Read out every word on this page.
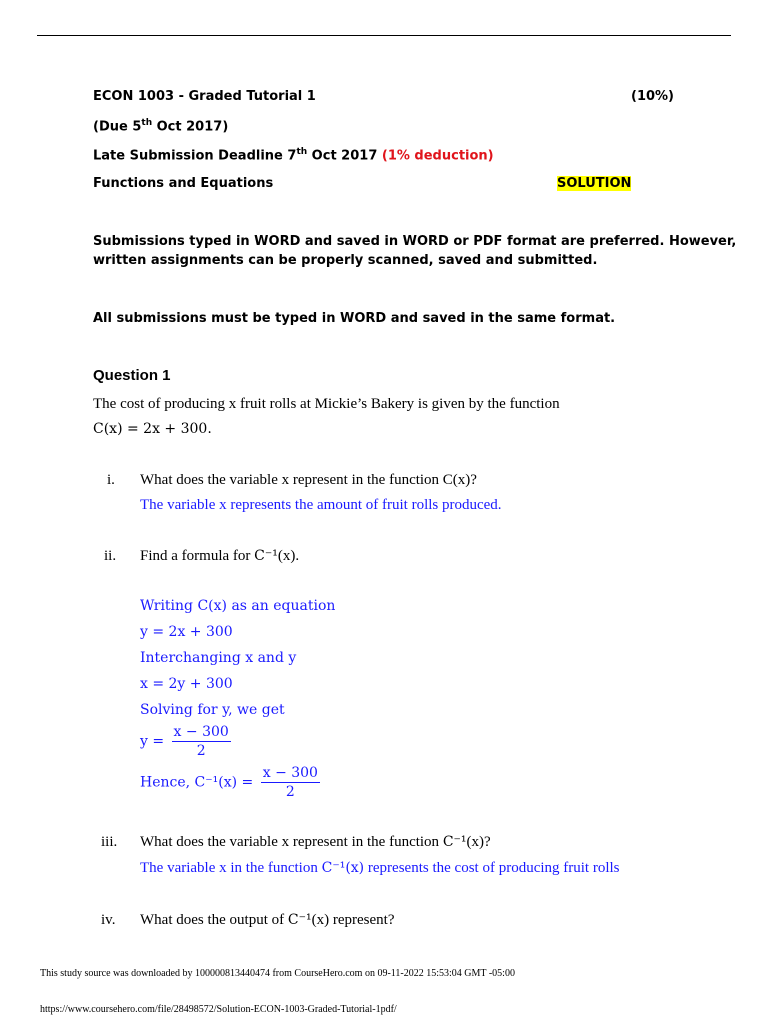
ECON 1003 - Graded Tutorial 1	(10%)
(Due 5th Oct 2017)
Late Submission Deadline 7th Oct 2017 (1% deduction)
Functions and Equations	SOLUTION
Submissions typed in WORD and saved in WORD or PDF format are preferred. However,
written assignments can be properly scanned, saved and submitted.
All submissions must be typed in WORD and saved in the same format.
Question 1
The cost of producing x fruit rolls at Mickie’s Bakery is given by the function
C(x) = 2x + 300.
i. What does the variable x represent in the function C(x)?
The variable x represents the amount of fruit rolls produced.
ii. Find a formula for C⁻¹(x).
Writing C(x) as an equation
y = 2x + 300
Interchanging x and y
x = 2y + 300
Solving for y, we get
$y = \frac{x - 300}{2}$
Hence, $C^{-1}(x) = \frac{x - 300}{2}$
iii. What does the variable x represent in the function C⁻¹(x)?
The variable x in the function C⁻¹(x) represents the cost of producing fruit rolls
iv. What does the output of C⁻¹(x) represent?
This study source was downloaded by 100000813440474 from CourseHero.com on 09-11-2022 15:53:04 GMT -05:00
https://www.coursehero.com/file/28498572/Solution-ECON-1003-Graded-Tutorial-1pdf/
